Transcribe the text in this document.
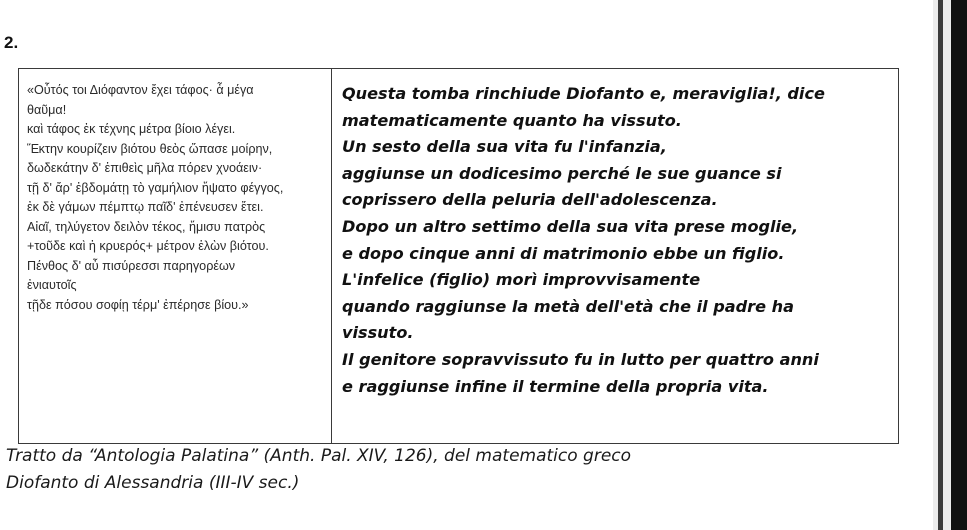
2.
«Οὗτός τοι Διόφαντον ἔχει τάφος· ἆ μέγα
θαῦμα!
καὶ τάφος ἐκ τέχνης μέτρα βίοιο λέγει.
Ἕκτην κουρίζειν βιότου θεὸς ὤπασε μοίρην,
δωδεκάτην δ' ἐπιθεὶς μῆλα πόρεν χνοάειν·
τῇ δ' ἄρ' ἐβδομάτῃ τὸ γαμήλιον ἥψατο φέγγος,
ἐκ δὲ γάμων πέμπτῳ παῖδ' ἐπένευσεν ἔτει.
Αἰαῖ, τηλύγετον δειλὸν τέκος, ἥμισυ πατρὸς
+τοῦδε καὶ ἡ κρυερός+ μέτρον ἑλὼν βιότου.
Πένθος δ' αὖ πισύρεσσι παρηγορέων
ἐνιαυτοῖς
τῇδε πόσου σοφίῃ τέρμ' ἐπέρησε βίου.»

Questa tomba rinchiude Diofanto e, meraviglia!, dice
matematicamente quanto ha vissuto.
Un sesto della sua vita fu l'infanzia,
aggiunse un dodicesimo perché le sue guance si
coprissero della peluria dell'adolescenza.
Dopo un altro settimo della sua vita prese moglie,
e dopo cinque anni di matrimonio ebbe un figlio.
L'infelice (figlio) morì improvvisamente
quando raggiunse la metà dell'età che il padre ha
vissuto.
Il genitore sopravvissuto fu in lutto per quattro anni
e raggiunse infine il termine della propria vita.
Tratto da “Antologia Palatina” (Anth. Pal. XIV, 126), del matematico greco
Diofanto di Alessandria (III-IV sec.)
